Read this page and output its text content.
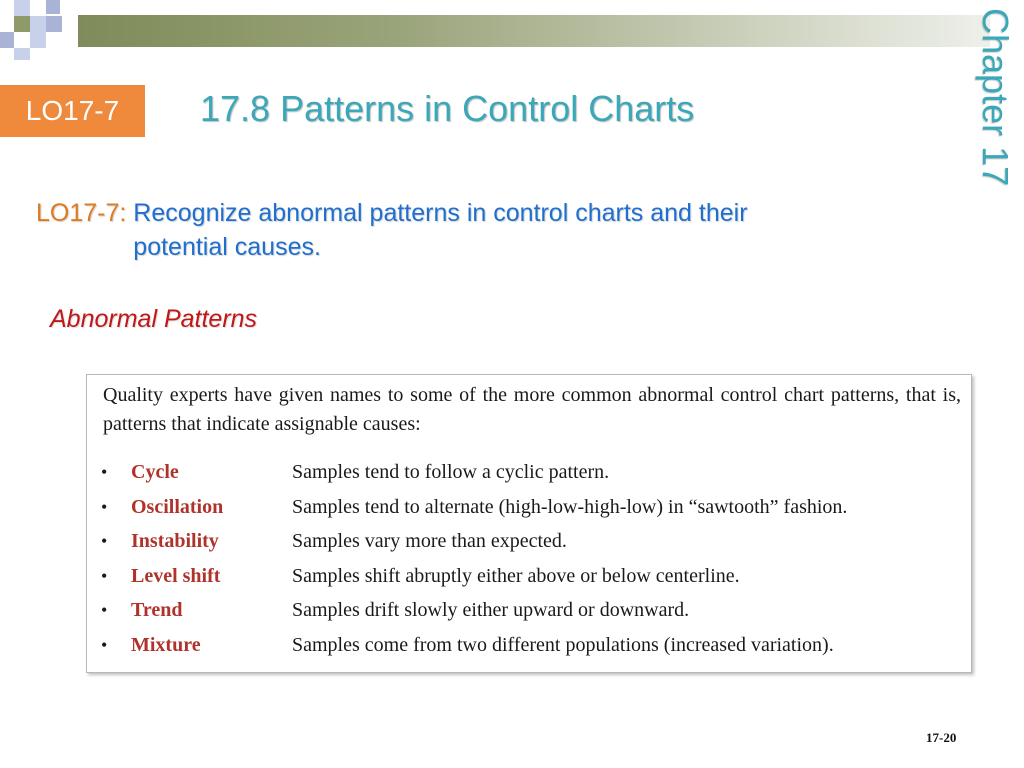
LO17-7	17.8 Patterns in Control Charts	Chapter 17
LO17-7: Recognize abnormal patterns in control charts and their potential causes.
Abnormal Patterns

Quality experts have given names to some of the more common abnormal control chart patterns, that is, patterns that indicate assignable causes:

•	Cycle	Samples tend to follow a cyclic pattern.
•	Oscillation	Samples tend to alternate (high-low-high-low) in “sawtooth” fashion.
•	Instability	Samples vary more than expected.
•	Level shift	Samples shift abruptly either above or below centerline.
•	Trend	Samples drift slowly either upward or downward.
•	Mixture	Samples come from two different populations (increased variation).
17-20
